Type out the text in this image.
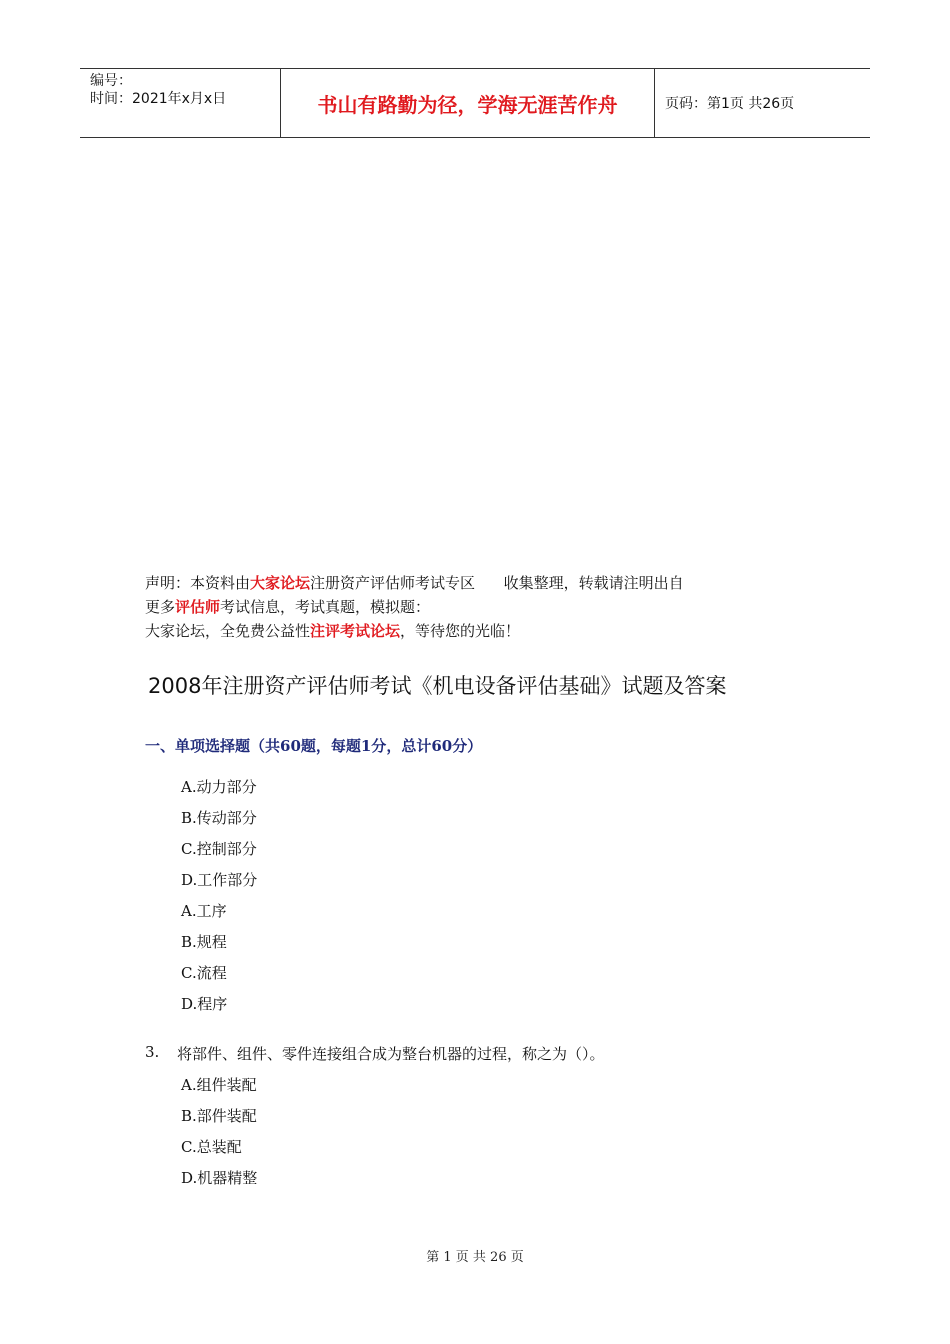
编号：
时间：2021年x月x日	书山有路勤为径，学海无涯苦作舟	页码：第1页 共26页
声明：本资料由大家论坛注册资产评估师考试专区      收集整理，转载请注明出自
更多评估师考试信息，考试真题，模拟题：
大家论坛，全免费公益性注评考试论坛，等待您的光临！
2008年注册资产评估师考试《机电设备评估基础》试题及答案
一、单项选择题（共60题，每题1分，总计60分）
A.动力部分
B.传动部分
C.控制部分
D.工作部分
A.工序
B.规程
C.流程
D.程序
3.	将部件、组件、零件连接组合成为整台机器的过程，称之为（）。
A.组件装配
B.部件装配
C.总装配
D.机器精整
第 1 页 共 26 页
